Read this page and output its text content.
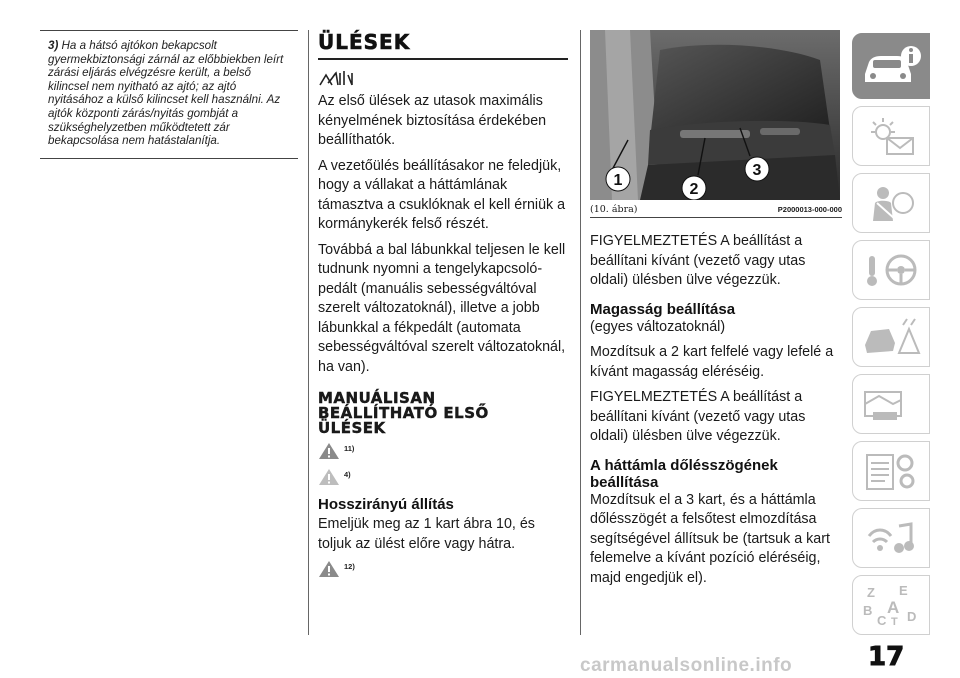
3) Ha a hátsó ajtókon bekapcsolt gyermekbiztonsági zárnál az előbbiekben leírt zárási eljárás elvégzésre került, a belső kilincsel nem nyitható az ajtó; az ajtó nyitásához a külső kilincset kell használni. Az ajtók központi zárás/nyitás gombját a szükséghelyzetben működtetett zár bekapcsolása nem hatástalanítja.
ÜLÉSEK

Az első ülések az utasok maximális kényelmének biztosítása érdekében beállíthatók.

A vezetőülés beállításakor ne feledjük, hogy a vállakat a háttámlának támasztva a csuklóknak el kell érniük a kormánykerék felső részét.

Továbbá a bal lábunkkal teljesen le kell tudnunk nyomni a tengelykapcsoló-pedált (manuális sebességváltóval szerelt változatoknál), illetve a jobb lábunkkal a fékpedált (automata sebességváltóval szerelt változatoknál, ha van).

MANUÁLISAN
BEÁLLÍTHATÓ ELSŐ
ÜLÉSEK
11)
4)
Hosszirányú állítás

Emeljük meg az 1 kart ábra 10, és toljuk az ülést előre vagy hátra.

12)
1
2
3
(10. ábra)	P2000013-000-000

FIGYELMEZTETÉS A beállítást a beállítani kívánt (vezető vagy utas oldali) ülésben ülve végezzük.

Magasság beállítása

(egyes változatoknál)

Mozdítsuk a 2 kart felfelé vagy lefelé a kívánt magasság eléréséig.

FIGYELMEZTETÉS A beállítást a beállítani kívánt (vezető vagy utas oldali) ülésben ülve végezzük.

A háttámla dőlésszögének beállítása

Mozdítsuk el a 3 kart, és a háttámla dőlésszögét a felsőtest elmozdítása segítségével állítsuk be (tartsuk a kart felemelve a kívánt pozíció eléréséig, majd engedjük el).

Z E
B A
C T D
17
carmanualsonline.info
